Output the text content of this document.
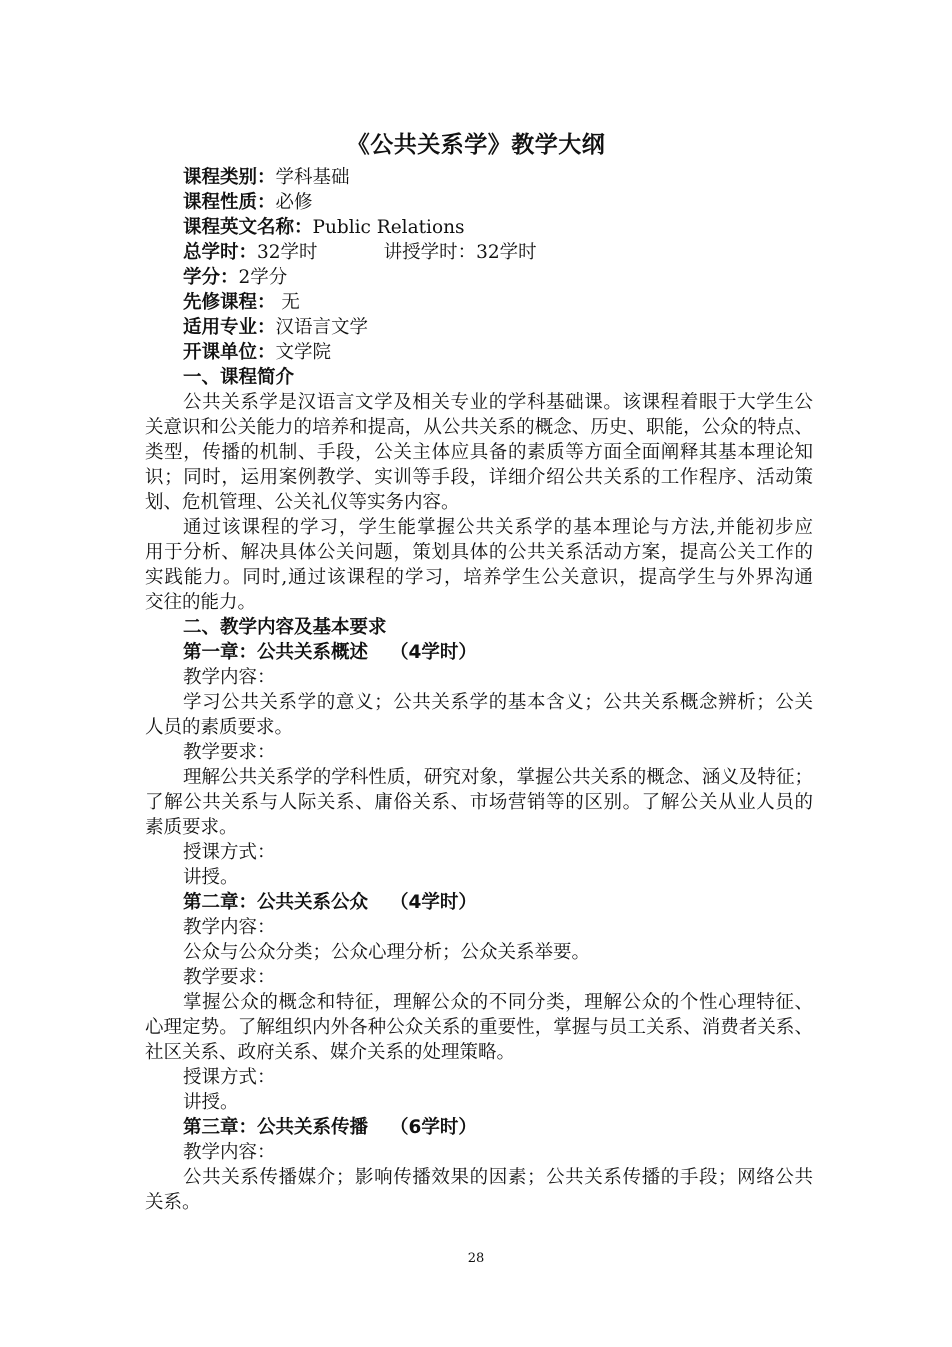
《公共关系学》教学大纲
课程类别：学科基础
课程性质：必修
课程英文名称：Public Relations
总学时：32学时	讲授学时：32学时
学分：2学分
先修课程： 无
适用专业：汉语言文学
开课单位：文学院
一、课程简介
公共关系学是汉语言文学及相关专业的学科基础课。该课程着眼于大学生公
关意识和公关能力的培养和提高，从公共关系的概念、历史、职能，公众的特点、
类型，传播的机制、手段，公关主体应具备的素质等方面全面阐释其基本理论知
识；同时，运用案例教学、实训等手段，详细介绍公共关系的工作程序、活动策
划、危机管理、公关礼仪等实务内容。
通过该课程的学习，学生能掌握公共关系学的基本理论与方法,并能初步应
用于分析、解决具体公关问题，策划具体的公共关系活动方案，提高公关工作的
实践能力。同时,通过该课程的学习，培养学生公关意识，提高学生与外界沟通
交往的能力。
二、教学内容及基本要求
第一章：公共关系概述 （4学时）
教学内容：
学习公共关系学的意义；公共关系学的基本含义；公共关系概念辨析；公关
人员的素质要求。
教学要求：
理解公共关系学的学科性质，研究对象，掌握公共关系的概念、涵义及特征；
了解公共关系与人际关系、庸俗关系、市场营销等的区别。了解公关从业人员的
素质要求。
授课方式：
讲授。
第二章：公共关系公众 （4学时）
教学内容：
公众与公众分类；公众心理分析；公众关系举要。
教学要求：
掌握公众的概念和特征，理解公众的不同分类，理解公众的个性心理特征、
心理定势。了解组织内外各种公众关系的重要性，掌握与员工关系、消费者关系、
社区关系、政府关系、媒介关系的处理策略。
授课方式：
讲授。
第三章：公共关系传播 （6学时）
教学内容：
公共关系传播媒介；影响传播效果的因素；公共关系传播的手段；网络公共
关系。
28
